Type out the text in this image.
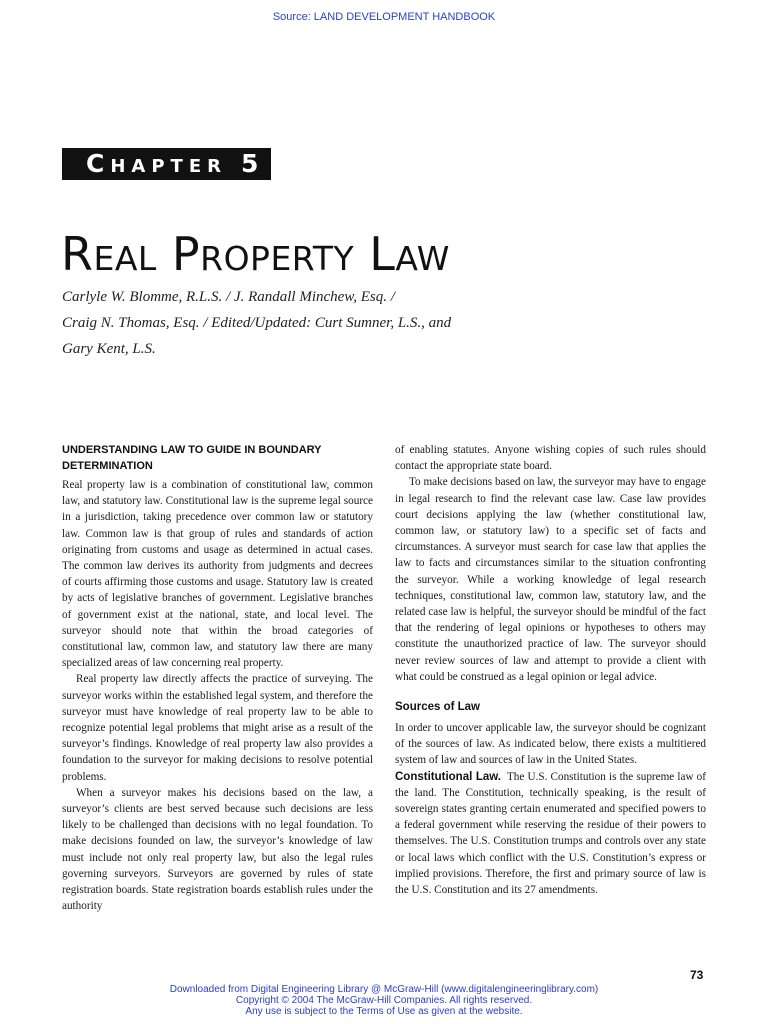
Source: LAND DEVELOPMENT HANDBOOK
CHAPTER 5
REAL PROPERTY LAW
Carlyle W. Blomme, R.L.S. / J. Randall Minchew, Esq. /
Craig N. Thomas, Esq. / Edited/Updated: Curt Sumner, L.S., and
Gary Kent, L.S.
UNDERSTANDING LAW TO GUIDE IN BOUNDARY DETERMINATION

Real property law is a combination of constitutional law, common law, and statutory law. Constitutional law is the supreme legal source in a jurisdiction, taking precedence over common law or statutory law. Common law is that group of rules and standards of action originating from customs and usage as determined in actual cases. The common law derives its authority from judgments and decrees of courts affirming those customs and usage. Statutory law is created by acts of legislative branches of government. Legislative branches of government exist at the national, state, and local level. The surveyor should note that within the broad categories of constitutional law, common law, and statutory law there are many specialized areas of law concerning real property.

Real property law directly affects the practice of surveying. The surveyor works within the established legal system, and therefore the surveyor must have knowledge of real property law to be able to recognize potential legal problems that might arise as a result of the surveyor’s findings. Knowledge of real property law also provides a foundation to the surveyor for making decisions to resolve potential problems.

When a surveyor makes his decisions based on the law, a surveyor’s clients are best served because such decisions are less likely to be challenged than decisions with no legal foundation. To make decisions founded on law, the surveyor’s knowledge of law must include not only real property law, but also the legal rules governing surveyors. Surveyors are governed by rules of state registration boards. State registration boards establish rules under the authority

of enabling statutes. Anyone wishing copies of such rules should contact the appropriate state board.

To make decisions based on law, the surveyor may have to engage in legal research to find the relevant case law. Case law provides court decisions applying the law (whether constitutional law, common law, or statutory law) to a specific set of facts and circumstances. A surveyor must search for case law that applies the law to facts and circumstances similar to the situation confronting the surveyor. While a working knowledge of legal research techniques, constitutional law, common law, statutory law, and the related case law is helpful, the surveyor should be mindful of the fact that the rendering of legal opinions or hypotheses to others may constitute the unauthorized practice of law. The surveyor should never review sources of law and attempt to provide a client with what could be construed as a legal opinion or legal advice.

Sources of Law

In order to uncover applicable law, the surveyor should be cognizant of the sources of law. As indicated below, there exists a multitiered system of law and sources of law in the United States.

Constitutional Law. The U.S. Constitution is the supreme law of the land. The Constitution, technically speaking, is the result of sovereign states granting certain enumerated and specified powers to a federal government while reserving the residue of their powers to themselves. The U.S. Constitution trumps and controls over any state or local laws which conflict with the U.S. Constitution’s express or implied provisions. Therefore, the first and primary source of law is the U.S. Constitution and its 27 amendments.

73
Downloaded from Digital Engineering Library @ McGraw-Hill (www.digitalengineeringlibrary.com)
Copyright © 2004 The McGraw-Hill Companies. All rights reserved.
Any use is subject to the Terms of Use as given at the website.
